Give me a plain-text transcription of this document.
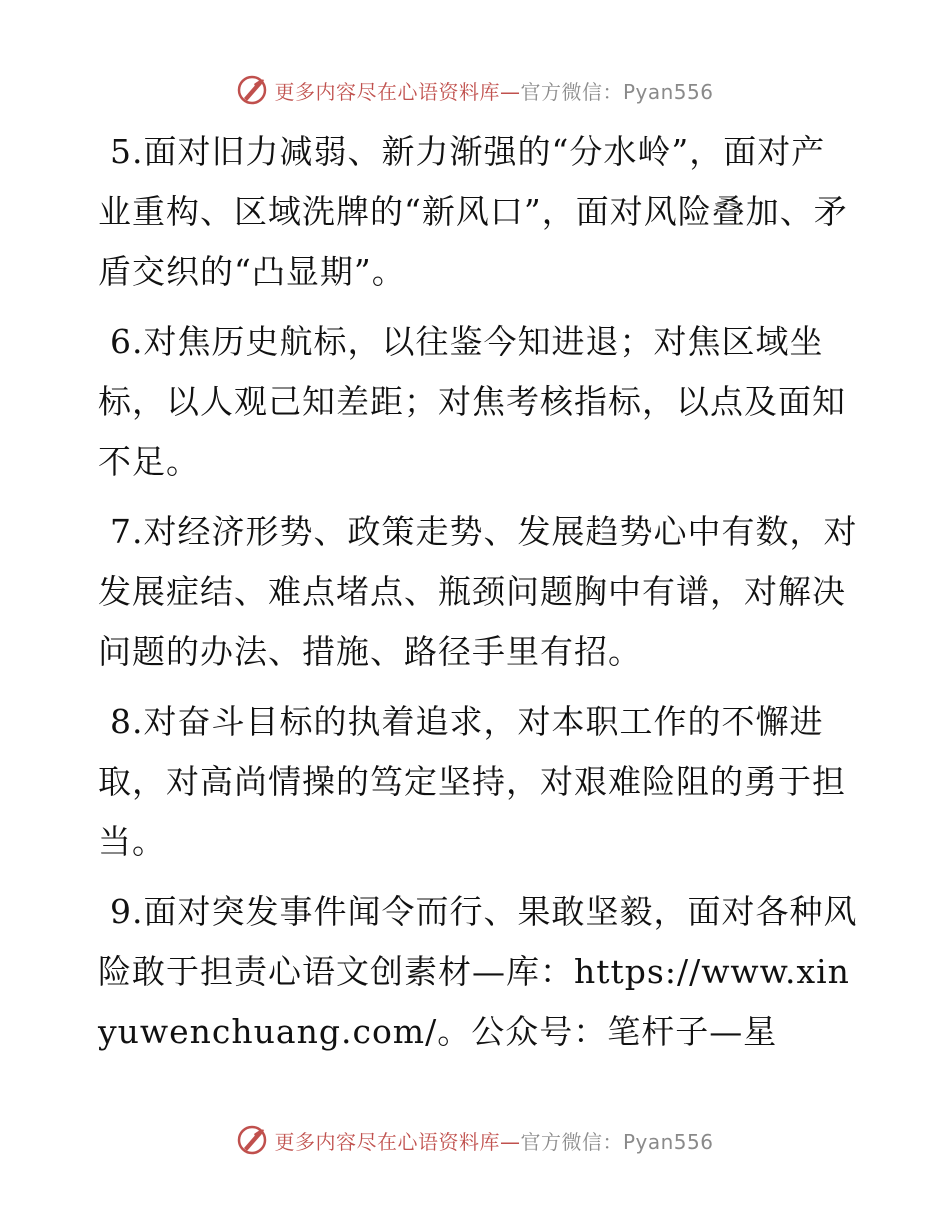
更多内容尽在心语资料库—官方微信：Pyan556

5.面对旧力减弱、新力渐强的“分水岭”，面对产业重构、区域洗牌的“新风口”，面对风险叠加、矛盾交织的“凸显期”。

6.对焦历史航标，以往鉴今知进退；对焦区域坐标，以人观己知差距；对焦考核指标，以点及面知不足。

7.对经济形势、政策走势、发展趋势心中有数，对发展症结、难点堵点、瓶颈问题胸中有谱，对解决问题的办法、措施、路径手里有招。

8.对奋斗目标的执着追求，对本职工作的不懈进取，对高尚情操的笃定坚持，对艰难险阻的勇于担当。

9.面对突发事件闻令而行、果敢坚毅，面对各种风险敢于担责心语文创素材—库：https://www.xinyuwenchuang.com/。公众号：笔杆子—星

更多内容尽在心语资料库—官方微信：Pyan556
